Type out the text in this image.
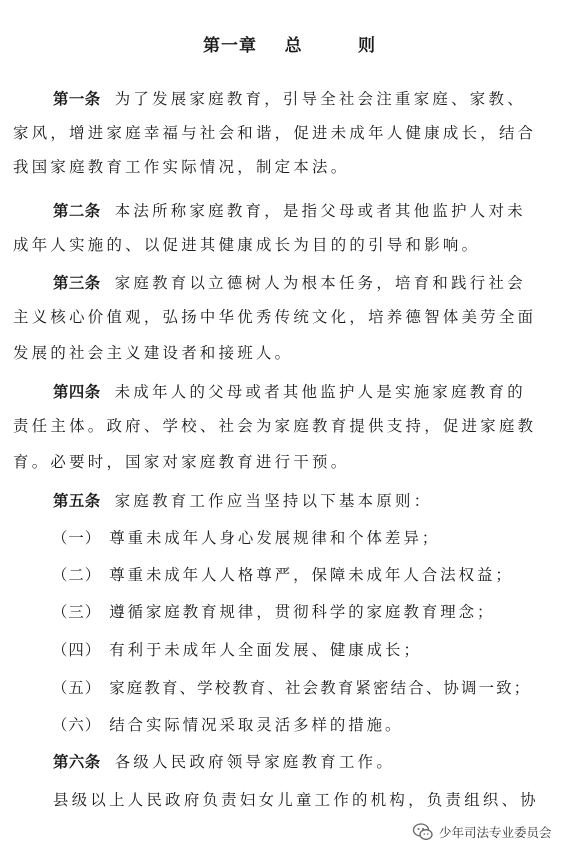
第一章    总        则
第一条 为了发展家庭教育，引导全社会注重家庭、家教、
家风，增进家庭幸福与社会和谐，促进未成年人健康成长，结合
我国家庭教育工作实际情况，制定本法。
第二条 本法所称家庭教育，是指父母或者其他监护人对未
成年人实施的、以促进其健康成长为目的的引导和影响。
第三条 家庭教育以立德树人为根本任务，培育和践行社会
主义核心价值观，弘扬中华优秀传统文化，培养德智体美劳全面
发展的社会主义建设者和接班人。
第四条 未成年人的父母或者其他监护人是实施家庭教育的
责任主体。政府、学校、社会为家庭教育提供支持，促进家庭教
育。必要时，国家对家庭教育进行干预。
第五条 家庭教育工作应当坚持以下基本原则：
（一） 尊重未成年人身心发展规律和个体差异；
（二） 尊重未成年人人格尊严，保障未成年人合法权益；
（三） 遵循家庭教育规律，贯彻科学的家庭教育理念；
（四） 有利于未成年人全面发展、健康成长；
（五） 家庭教育、学校教育、社会教育紧密结合、协调一致；
（六） 结合实际情况采取灵活多样的措施。
第六条 各级人民政府领导家庭教育工作。
县级以上人民政府负责妇女儿童工作的机构，负责组织、协
少年司法专业委员会
